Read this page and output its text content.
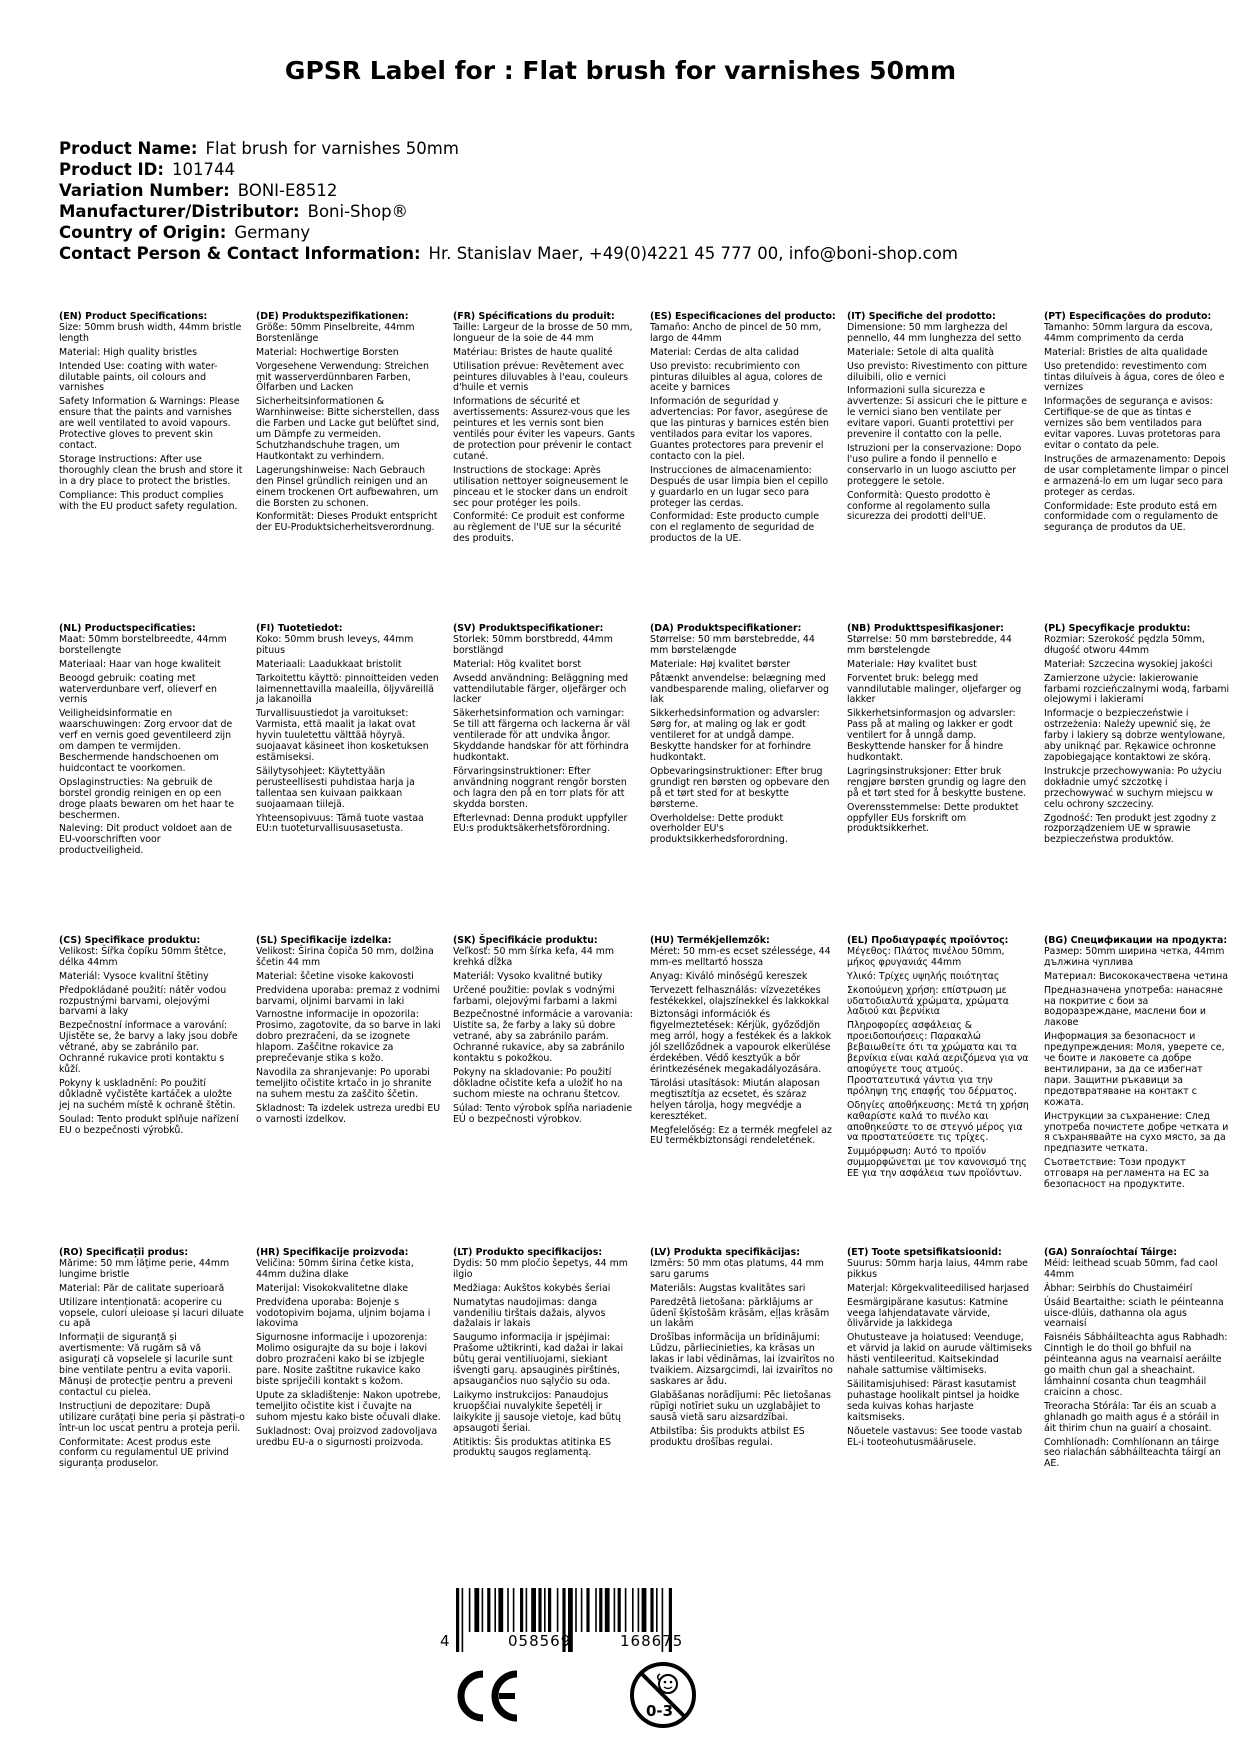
GPSR Label for : Flat brush for varnishes 50mm
Product Name: Flat brush for varnishes 50mm
Product ID: 101744
Variation Number: BONI-E8512
Manufacturer/Distributor: Boni-Shop®
Country of Origin: Germany
Contact Person & Contact Information: Hr. Stanislav Maer, +49(0)4221 45 777 00, info@boni-shop.com
(EN) Product Specifications:

Size: 50mm brush width, 44mm bristle length

Material: High quality bristles

Intended Use: coating with water-dilutable paints, oil colours and varnishes

Safety Information & Warnings: Please ensure that the paints and varnishes are well ventilated to avoid vapours. Protective gloves to prevent skin contact.

Storage Instructions: After use thoroughly clean the brush and store it in a dry place to protect the bristles.

Compliance: This product complies with the EU product safety regulation.

(DE) Produktspezifikationen:

Größe: 50mm Pinselbreite, 44mm Borstenlänge

Material: Hochwertige Borsten

Vorgesehene Verwendung: Streichen mit wasserverdünnbaren Farben, Ölfarben und Lacken

Sicherheitsinformationen & Warnhinweise: Bitte sicherstellen, dass die Farben und Lacke gut belüftet sind, um Dämpfe zu vermeiden. Schutzhandschuhe tragen, um Hautkontakt zu verhindern.

Lagerungshinweise: Nach Gebrauch den Pinsel gründlich reinigen und an einem trockenen Ort aufbewahren, um die Borsten zu schonen.

Konformität: Dieses Produkt entspricht der EU-Produktsicherheitsverordnung.

(FR) Spécifications du produit:

Taille: Largeur de la brosse de 50 mm, longueur de la soie de 44 mm

Matériau: Bristes de haute qualité

Utilisation prévue: Revêtement avec peintures diluvables à l'eau, couleurs d'huile et vernis

Informations de sécurité et avertissements: Assurez-vous que les peintures et les vernis sont bien ventilés pour éviter les vapeurs. Gants de protection pour prévenir le contact cutané.

Instructions de stockage: Après utilisation nettoyer soigneusement le pinceau et le stocker dans un endroit sec pour protéger les poils.

Conformité: Ce produit est conforme au règlement de l'UE sur la sécurité des produits.

(ES) Especificaciones del producto:

Tamaño: Ancho de pincel de 50 mm, largo de 44mm

Material: Cerdas de alta calidad

Uso previsto: recubrimiento con pinturas diluibles al agua, colores de aceite y barnices

Información de seguridad y advertencias: Por favor, asegúrese de que las pinturas y barnices estén bien ventilados para evitar los vapores. Guantes protectores para prevenir el contacto con la piel.

Instrucciones de almacenamiento: Después de usar limpia bien el cepillo y guardarlo en un lugar seco para proteger las cerdas.

Conformidad: Este producto cumple con el reglamento de seguridad de productos de la UE.

(IT) Specifiche del prodotto:

Dimensione: 50 mm larghezza del pennello, 44 mm lunghezza del setto

Materiale: Setole di alta qualità

Uso previsto: Rivestimento con pitture diluibili, olio e vernici

Informazioni sulla sicurezza e avvertenze: Si assicuri che le pitture e le vernici siano ben ventilate per evitare vapori. Guanti protettivi per prevenire il contatto con la pelle.

Istruzioni per la conservazione: Dopo l'uso pulire a fondo il pennello e conservarlo in un luogo asciutto per proteggere le setole.

Conformità: Questo prodotto è conforme al regolamento sulla sicurezza dei prodotti dell'UE.

(PT) Especificações do produto:

Tamanho: 50mm largura da escova, 44mm comprimento da cerda

Material: Bristles de alta qualidade

Uso pretendido: revestimento com tintas diluíveis à água, cores de óleo e vernizes

Informações de segurança e avisos: Certifique-se de que as tintas e vernizes são bem ventilados para evitar vapores. Luvas protetoras para evitar o contato da pele.

Instruções de armazenamento: Depois de usar completamente limpar o pincel e armazená-lo em um lugar seco para proteger as cerdas.

Conformidade: Este produto está em conformidade com o regulamento de segurança de produtos da UE.

(NL) Productspecificaties:

Maat: 50mm borstelbreedte, 44mm borstellengte

Materiaal: Haar van hoge kwaliteit

Beoogd gebruik: coating met waterverdunbare verf, olieverf en vernis

Veiligheidsinformatie en waarschuwingen: Zorg ervoor dat de verf en vernis goed geventileerd zijn om dampen te vermijden. Beschermende handschoenen om huidcontact te voorkomen.

Opslaginstructies: Na gebruik de borstel grondig reinigen en op een droge plaats bewaren om het haar te beschermen.

Naleving: Dit product voldoet aan de EU-voorschriften voor productveiligheid.

(FI) Tuotetiedot:

Koko: 50mm brush leveys, 44mm pituus

Materiaali: Laadukkaat bristolit

Tarkoitettu käyttö: pinnoitteiden veden laimennettavilla maaleilla, öljyväreillä ja lakanoilla

Turvallisuustiedot ja varoitukset: Varmista, että maalit ja lakat ovat hyvin tuuletettu välttää höyryä. suojaavat käsineet ihon kosketuksen estämiseksi.

Säilytysohjeet: Käytettyään perusteellisesti puhdistaa harja ja tallentaa sen kuivaan paikkaan suojaamaan tiilejä.

Yhteensopivuus: Tämä tuote vastaa EU:n tuoteturvallisuusasetusta.

(SV) Produktspecifikationer:

Storlek: 50mm borstbredd, 44mm borstlängd

Material: Hög kvalitet borst

Avsedd användning: Beläggning med vattendilutable färger, oljefärger och lacker

Säkerhetsinformation och varningar: Se till att färgerna och lackerna är väl ventilerade för att undvika ångor. Skyddande handskar för att förhindra hudkontakt.

Förvaringsinstruktioner: Efter användning noggrant rengör borsten och lagra den på en torr plats för att skydda borsten.

Efterlevnad: Denna produkt uppfyller EU:s produktsäkerhetsförordning.

(DA) Produktspecifikationer:

Størrelse: 50 mm børstebredde, 44 mm børstelængde

Materiale: Høj kvalitet børster

Påtænkt anvendelse: belægning med vandbesparende maling, oliefarver og lak

Sikkerhedsinformation og advarsler: Sørg for, at maling og lak er godt ventileret for at undgå dampe. Beskytte handsker for at forhindre hudkontakt.

Opbevaringsinstruktioner: Efter brug grundigt ren børsten og opbevare den på et tørt sted for at beskytte børsterne.

Overholdelse: Dette produkt overholder EU's produktsikkerhedsforordning.

(NB) Produkttspesifikasjoner:

Størrelse: 50 mm børstebredde, 44 mm børstelengde

Materiale: Høy kvalitet bust

Forventet bruk: belegg med vanndilutable malinger, oljefarger og lakker

Sikkerhetsinformasjon og advarsler: Pass på at maling og lakker er godt ventilert for å unngå damp. Beskyttende hansker for å hindre hudkontakt.

Lagringsinstruksjoner: Etter bruk rengjøre børsten grundig og lagre den på et tørt sted for å beskytte bustene.

Overensstemmelse: Dette produktet oppfyller EUs forskrift om produktsikkerhet.

(PL) Specyfikacje produktu:

Rozmiar: Szerokość pędzla 50mm, długość otworu 44mm

Materiał: Szczecina wysokiej jakości

Zamierzone użycie: lakierowanie farbami rozcieńczalnymi wodą, farbami olejowymi i lakierami

Informacje o bezpieczeństwie i ostrzeżenia: Należy upewnić się, że farby i lakiery są dobrze wentylowane, aby uniknąć par. Rękawice ochronne zapobiegające kontaktowi ze skórą.

Instrukcje przechowywania: Po użyciu dokładnie umyć szczotkę i przechowywać w suchym miejscu w celu ochrony szczeciny.

Zgodność: Ten produkt jest zgodny z rozporządzeniem UE w sprawie bezpieczeństwa produktów.

(CS) Specifikace produktu:

Velikost: Šířka čopíku 50mm štětce, délka 44mm

Materiál: Vysoce kvalitní štětiny

Předpokládané použití: nátěr vodou rozpustnými barvami, olejovými barvami a laky

Bezpečnostní informace a varování: Ujistěte se, že barvy a laky jsou dobře větrané, aby se zabránilo par. Ochranné rukavice proti kontaktu s kůží.

Pokyny k uskladnění: Po použití důkladně vyčistěte kartáček a uložte jej na suchém místě k ochraně štětin.

Soulad: Tento produkt splňuje nařízení EU o bezpečnosti výrobků.

(SL) Specifikacije izdelka:

Velikost: Širina čopiča 50 mm, dolžina ščetin 44 mm

Material: ščetine visoke kakovosti

Predvidena uporaba: premaz z vodnimi barvami, oljnimi barvami in laki

Varnostne informacije in opozorila: Prosimo, zagotovite, da so barve in laki dobro prezračeni, da se izognete hlapom. Zaščitne rokavice za preprečevanje stika s kožo.

Navodila za shranjevanje: Po uporabi temeljito očistite krtačo in jo shranite na suhem mestu za zaščito ščetin.

Skladnost: Ta izdelek ustreza uredbi EU o varnosti izdelkov.

(SK) Špecifikácie produktu:

Veľkosť: 50 mm šírka kefa, 44 mm krehká dĺžka

Materiál: Vysoko kvalitné butiky

Určené použitie: povlak s vodnými farbami, olejovými farbami a lakmi

Bezpečnostné informácie a varovania: Uistite sa, že farby a laky sú dobre vetrané, aby sa zabránilo parám. Ochranné rukavice, aby sa zabránilo kontaktu s pokožkou.

Pokyny na skladovanie: Po použití dôkladne očistite kefa a uložiť ho na suchom mieste na ochranu štetcov.

Súlad: Tento výrobok spĺňa nariadenie EÚ o bezpečnosti výrobkov.

(HU) Termékjellemzők:

Méret: 50 mm-es ecset szélessége, 44 mm-es melltartó hossza

Anyag: Kiváló minőségű kereszek

Tervezett felhasználás: vízvezetékes festékekkel, olajszínekkel és lakkokkal

Biztonsági információk és figyelmeztetések: Kérjük, győződjön meg arról, hogy a festékek és a lakkok jól szellőződnek a vapourok elkerülése érdekében. Védő kesztyűk a bőr érintkezésének megakadályozására.

Tárolási utasítások: Miután alaposan megtisztítja az ecsetet, és száraz helyen tárolja, hogy megvédje a keresztéket.

Megfelelőség: Ez a termék megfelel az EU termékbiztonsági rendeletének.

(EL) Προδιαγραφές προϊόντος:

Μέγεθος: Πλάτος πινέλου 50mm, μήκος φρυγανιάς 44mm

Υλικό: Τρίχες υψηλής ποιότητας

Σκοπούμενη χρήση: επίστρωση με υδατοδιαλυτά χρώματα, χρώματα λαδιού και βερνίκια

Πληροφορίες ασφάλειας & προειδοποιήσεις: Παρακαλώ βεβαιωθείτε ότι τα χρώματα και τα βερνίκια είναι καλά αεριζόμενα για να αποφύγετε τους ατμούς. Προστατευτικά γάντια για την πρόληψη της επαφής του δέρματος.

Οδηγίες αποθήκευσης: Μετά τη χρήση καθαρίστε καλά το πινέλο και αποθηκεύστε το σε στεγνό μέρος για να προστατεύσετε τις τρίχες.

Συμμόρφωση: Αυτό το προϊόν συμμορφώνεται με τον κανονισμό της ΕΕ για την ασφάλεια των προϊόντων.

(BG) Спецификации на продукта:

Размер: 50mm ширина четка, 44mm дължина чуплива

Материал: Висококачествена четина

Предназначена употреба: нанасяне на покритие с бои за водоразреждане, маслени бои и лакове

Информация за безопасност и предупреждения: Моля, уверете се, че боите и лаковете са добре вентилирани, за да се избегнат пари. Защитни ръкавици за предотвратяване на контакт с кожата.

Инструкции за съхранение: След употреба почистете добре четката и я съхранявайте на сухо място, за да предпазите четката.

Съответствие: Този продукт отговаря на регламента на ЕС за безопасност на продуктите.

(RO) Specificații produs:

Mărime: 50 mm lățime perie, 44mm lungime bristle

Material: Păr de calitate superioară

Utilizare intenționată: acoperire cu vopsele, culori uleioase și lacuri diluate cu apă

Informații de siguranță și avertismente: Vă rugăm să vă asigurați că vopselele și lacurile sunt bine ventilate pentru a evita vaporii. Mănuși de protecție pentru a preveni contactul cu pielea.

Instrucțiuni de depozitare: După utilizare curățați bine peria și păstrați-o într-un loc uscat pentru a proteja perii.

Conformitate: Acest produs este conform cu regulamentul UE privind siguranța produselor.

(HR) Specifikacije proizvoda:

Veličina: 50mm širina četke kista, 44mm dužina dlake

Materijal: Visokokvalitetne dlake

Predviđena uporaba: Bojenje s vodotopivim bojama, uljnim bojama i lakovima

Sigurnosne informacije i upozorenja: Molimo osigurajte da su boje i lakovi dobro prozračeni kako bi se izbjegle pare. Nosite zaštitne rukavice kako biste spriječili kontakt s kožom.

Upute za skladištenje: Nakon upotrebe, temeljito očistite kist i čuvajte na suhom mjestu kako biste očuvali dlake.

Sukladnost: Ovaj proizvod zadovoljava uredbu EU-a o sigurnosti proizvoda.

(LT) Produkto specifikacijos:

Dydis: 50 mm pločio šepetys, 44 mm ilgio

Medžiaga: Aukštos kokybės šeriai

Numatytas naudojimas: danga vandeniliu tirštais dažais, alyvos dažalais ir lakais

Saugumo informacija ir įspėjimai: Prašome užtikrinti, kad dažai ir lakai būtų gerai ventiliuojami, siekiant išvengti garų. apsauginės pirštinės, apsaugančios nuo sąlyčio su oda.

Laikymo instrukcijos: Panaudojus kruopščiai nuvalykite šepetėlį ir laikykite jį sausoje vietoje, kad būtų apsaugoti šeriai.

Atitiktis: Šis produktas atitinka ES produktų saugos reglamentą.

(LV) Produkta specifikācijas:

Izmērs: 50 mm otas platums, 44 mm saru garums

Materiāls: Augstas kvalitātes sari

Paredzētā lietošana: pārklājums ar ūdenī šķīstošām krāsām, eļļas krāsām un lakām

Drošības informācija un brīdinājumi: Lūdzu, pārliecinieties, ka krāsas un lakas ir labi vēdināmas, lai izvairītos no tvaikiem. Aizsargcimdi, lai izvairītos no saskares ar ādu.

Glabāšanas norādījumi: Pēc lietošanas rūpīgi notīriet suku un uzglabājiet to sausā vietā saru aizsardzībai.

Atbilstība: Šis produkts atbilst ES produktu drošības regulai.

(ET) Toote spetsifikatsioonid:

Suurus: 50mm harja laius, 44mm rabe pikkus

Materjal: Kõrgekvaliteedilised harjased

Eesmärgipärane kasutus: Katmine veega lahjendatavate värvide, õlivärvide ja lakkidega

Ohutusteave ja hoiatused: Veenduge, et värvid ja lakid on aurude vältimiseks hästi ventileeritud. Kaitsekindad nahale sattumise vältimiseks.

Säilitamisjuhised: Pärast kasutamist puhastage hoolikalt pintsel ja hoidke seda kuivas kohas harjaste kaitsmiseks.

Nõuetele vastavus: See toode vastab EL-i tooteohutusmäärusele.

(GA) Sonraíochtaí Táirge:

Méid: leithead scuab 50mm, fad caol 44mm

Ábhar: Seirbhís do Chustaiméirí

Úsáid Beartaithe: sciath le péinteanna uisce-dlúis, dathanna ola agus vearnaisí

Faisnéis Sábháilteachta agus Rabhadh: Cinntigh le do thoil go bhfuil na péinteanna agus na vearnaisí aeráilte go maith chun gal a sheachaint. lámhainní cosanta chun teagmháil craicinn a chosc.

Treoracha Stórála: Tar éis an scuab a ghlanadh go maith agus é a stóráil in áit thirim chun na guairí a chosaint.

Comhlíonadh: Comhlíonann an táirge seo rialachán sábháilteachta táirgí an AE.

4	058569	168675
0-3
